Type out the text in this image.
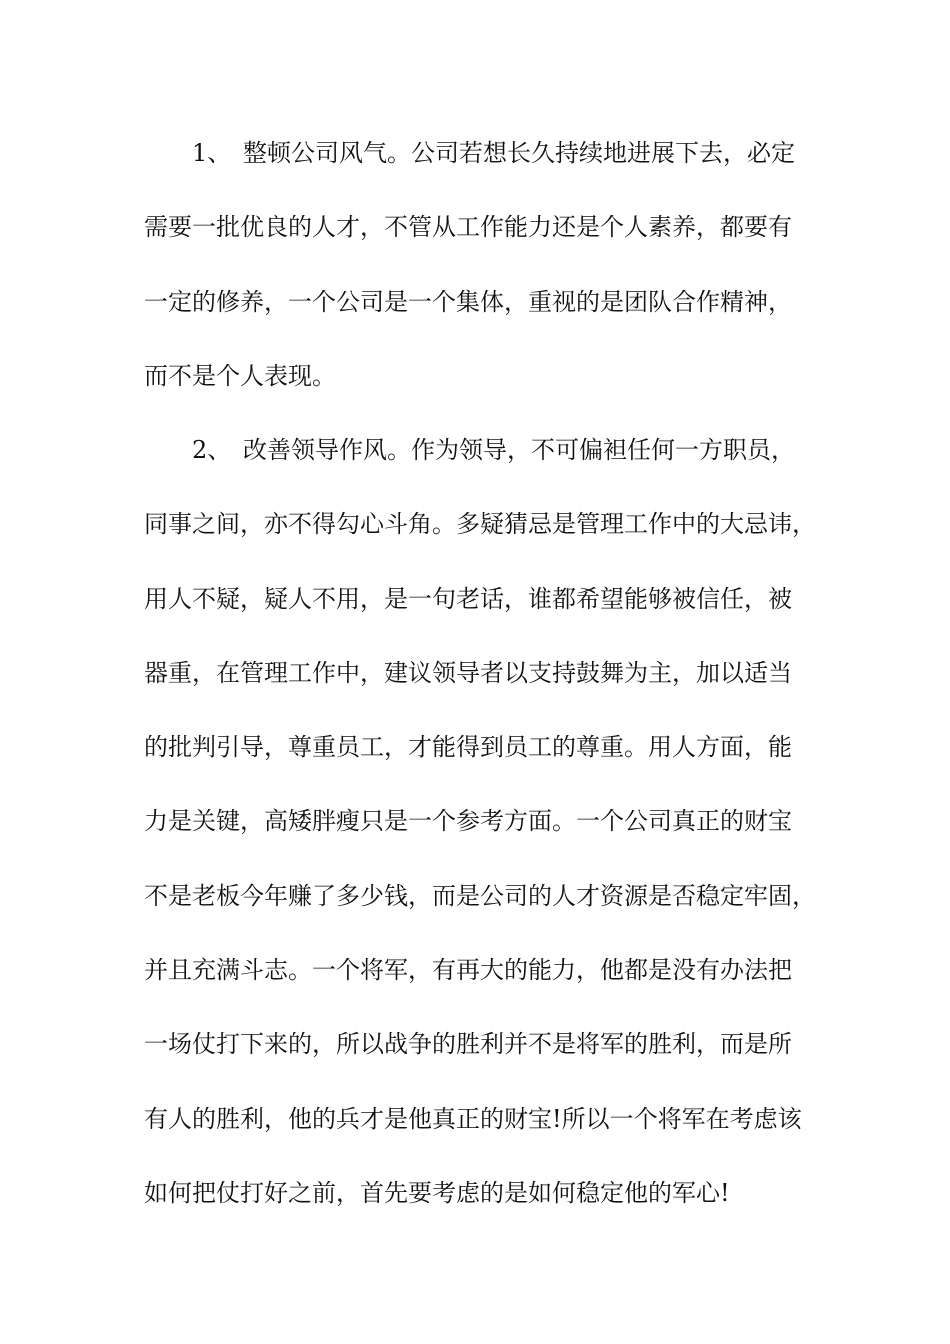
1、 整顿公司风气。公司若想长久持续地进展下去，必定
需要一批优良的人才，不管从工作能力还是个人素养，都要有
一定的修养，一个公司是一个集体，重视的是团队合作精神，
而不是个人表现。
2、 改善领导作风。作为领导，不可偏袒任何一方职员，
同事之间，亦不得勾心斗角。多疑猜忌是管理工作中的大忌讳，
用人不疑，疑人不用，是一句老话，谁都希望能够被信任，被
器重，在管理工作中，建议领导者以支持鼓舞为主，加以适当
的批判引导，尊重员工，才能得到员工的尊重。用人方面，能
力是关键，高矮胖瘦只是一个参考方面。一个公司真正的财宝
不是老板今年赚了多少钱，而是公司的人才资源是否稳定牢固，
并且充满斗志。一个将军，有再大的能力，他都是没有办法把
一场仗打下来的，所以战争的胜利并不是将军的胜利，而是所
有人的胜利，他的兵才是他真正的财宝!所以一个将军在考虑该
如何把仗打好之前，首先要考虑的是如何稳定他的军心!
